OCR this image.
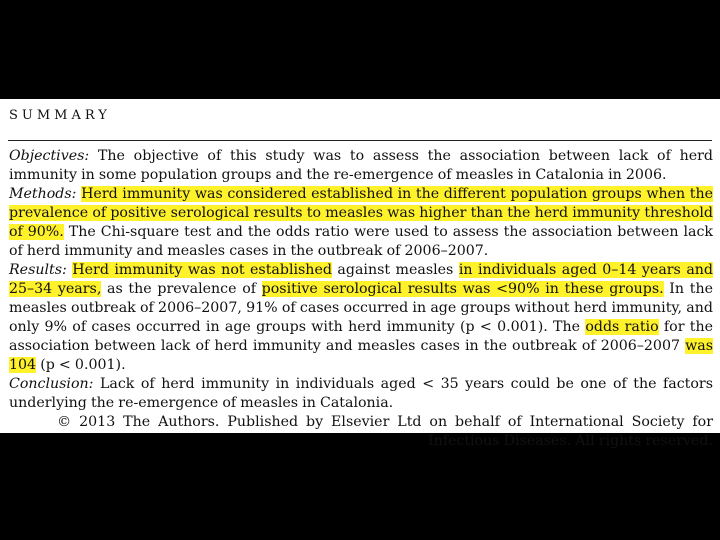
SUMMARY

Objectives: The objective of this study was to assess the association between lack of herd immunity in some population groups and the re-emergence of measles in Catalonia in 2006.

Methods: Herd immunity was considered established in the different population groups when the prevalence of positive serological results to measles was higher than the herd immunity threshold of 90%. The Chi-square test and the odds ratio were used to assess the association between lack of herd immunity and measles cases in the outbreak of 2006–2007.

Results: Herd immunity was not established against measles in individuals aged 0–14 years and 25–34 years, as the prevalence of positive serological results was <90% in these groups. In the measles outbreak of 2006–2007, 91% of cases occurred in age groups without herd immunity, and only 9% of cases occurred in age groups with herd immunity (p < 0.001). The odds ratio for the association between lack of herd immunity and measles cases in the outbreak of 2006–2007 was 104 (p < 0.001).

Conclusion: Lack of herd immunity in individuals aged < 35 years could be one of the factors underlying the re-emergence of measles in Catalonia.

© 2013 The Authors. Published by Elsevier Ltd on behalf of International Society for Infectious Diseases. All rights reserved.
